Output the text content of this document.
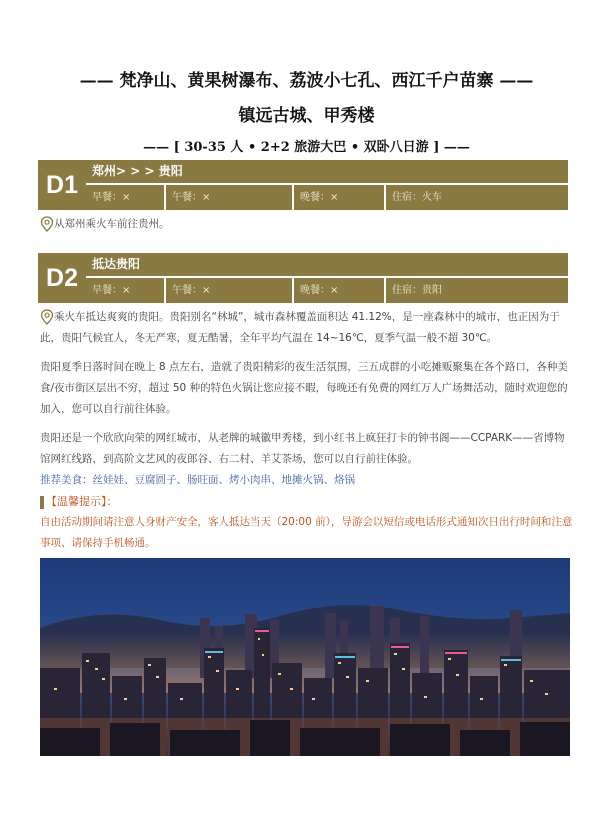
—— 梵净山、黄果树瀑布、荔波小七孔、西江千户苗寨 ——
镇远古城、甲秀楼
—— [ 30-35 人 • 2+2 旅游大巴 • 双卧八日游 ] ——
D1	郑州> > > 贵阳
早餐：×	午餐：×	晚餐：×	住宿：火车
从郑州乘火车前往贵州。
D2	抵达贵阳
早餐：×	午餐：×	晚餐：×	住宿：贵阳

乘火车抵达爽爽的贵阳。贵阳别名“林城”，城市森林覆盖面积达 41.12%，是一座森林中的城市，也正因为于此，贵阳气候宜人，冬无严寒，夏无酷暑，全年平均气温在 14~16℃，夏季气温一般不超 30℃。

贵阳夏季日落时间在晚上 8 点左右，造就了贵阳精彩的夜生活氛围，三五成群的小吃摊贩聚集在各个路口，各种美食/夜市街区层出不穷，超过 50 种的特色火锅让您应接不暇，每晚还有免费的网红万人广场舞活动，随时欢迎您的加入，您可以自行前往体验。

贵阳还是一个欣欣向荣的网红城市，从老牌的城徽甲秀楼，到小红书上疯狂打卡的钟书阁——CCPARK——省博物馆网红线路，到高阶文艺风的夜郎谷、右二村、羊艾茶场，您可以自行前往体验。

推荐美食：丝娃娃、豆腐圆子、肠旺面、烤小肉串、地摊火锅、烙锅

【温馨提示】：

自由活动期间请注意人身财产安全，客人抵达当天（20:00 前），导游会以短信或电话形式通知次日出行时间和注意事项、请保持手机畅通。
